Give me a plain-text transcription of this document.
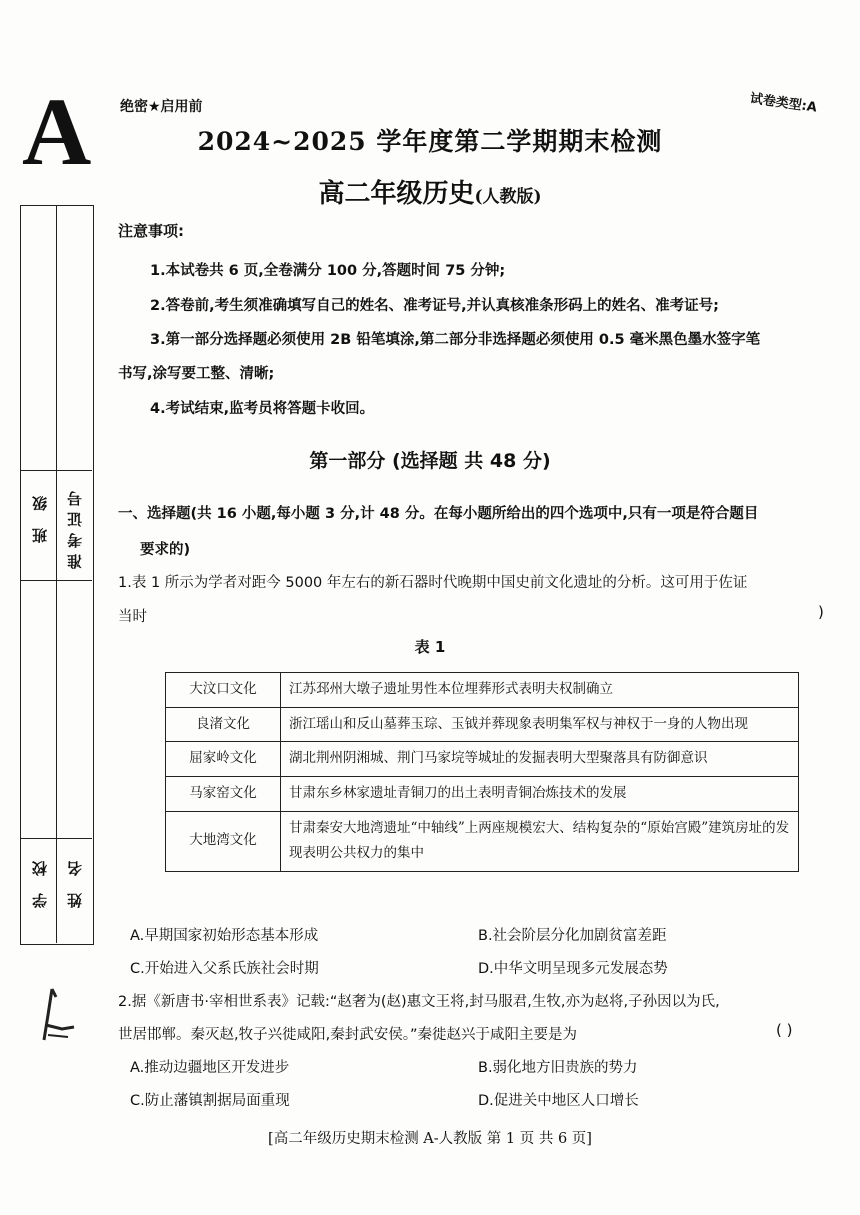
A 绝密★启用前	试卷类型:A
2024~2025 学年度第二学期期末检测
高二年级历史(人教版)
班 级 准考证号
学 校 姓 名
注意事项:
1.本试卷共 6 页,全卷满分 100 分,答题时间 75 分钟;
2.答卷前,考生须准确填写自己的姓名、准考证号,并认真核准条形码上的姓名、准考证号;
3.第一部分选择题必须使用 2B 铅笔填涂,第二部分非选择题必须使用 0.5 毫米黑色墨水签字笔
书写,涂写要工整、清晰;
4.考试结束,监考员将答题卡收回。
第一部分 (选择题 共 48 分)
一、选择题(共 16 小题,每小题 3 分,计 48 分。在每小题所给出的四个选项中,只有一项是符合题目
要求的)
1.表 1 所示为学者对距今 5000 年左右的新石器时代晚期中国史前文化遗址的分析。这可用于佐证
当时	)
表 1
大汶口文化	江苏邳州大墩子遗址男性本位埋葬形式表明夫权制确立
良渚文化	浙江瑶山和反山墓葬玉琮、玉钺并葬现象表明集军权与神权于一身的人物出现
屈家岭文化	湖北荆州阴湘城、荆门马家垸等城址的发掘表明大型聚落具有防御意识
马家窑文化	甘肃东乡林家遗址青铜刀的出土表明青铜冶炼技术的发展
大地湾文化	甘肃秦安大地湾遗址“中轴线”上两座规模宏大、结构复杂的“原始宫殿”建筑房址的发现表明公共权力的集中
A.早期国家初始形态基本形成	B.社会阶层分化加剧贫富差距
C.开始进入父系氏族社会时期	D.中华文明呈现多元发展态势
2.据《新唐书·宰相世系表》记载:“赵奢为(赵)惠文王将,封马服君,生牧,亦为赵将,子孙因以为氏,
世居邯郸。秦灭赵,牧子兴徙咸阳,秦封武安侯。”秦徙赵兴于咸阳主要是为	( )
A.推动边疆地区开发进步	B.弱化地方旧贵族的势力
C.防止藩镇割据局面重现	D.促进关中地区人口增长
[高二年级历史期末检测 A-人教版 第 1 页 共 6 页]
